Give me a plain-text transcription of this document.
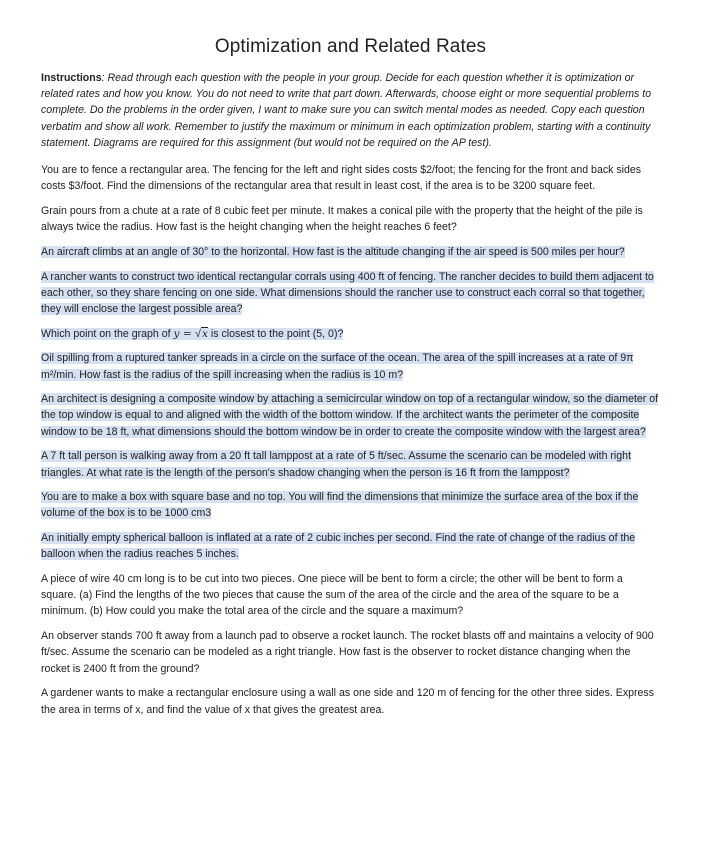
Optimization and Related Rates

Instructions: Read through each question with the people in your group. Decide for each question whether it is optimization or related rates and how you know. You do not need to write that part down. Afterwards, choose eight or more sequential problems to complete. Do the problems in the order given, I want to make sure you can switch mental modes as needed. Copy each question verbatim and show all work. Remember to justify the maximum or minimum in each optimization problem, starting with a continuity statement. Diagrams are required for this assignment (but would not be required on the AP test).

You are to fence a rectangular area. The fencing for the left and right sides costs $2/foot; the fencing for the front and back sides costs $3/foot. Find the dimensions of the rectangular area that result in least cost, if the area is to be 3200 square feet.

Grain pours from a chute at a rate of 8 cubic feet per minute. It makes a conical pile with the property that the height of the pile is always twice the radius. How fast is the height changing when the height reaches 6 feet?

An aircraft climbs at an angle of 30° to the horizontal. How fast is the altitude changing if the air speed is 500 miles per hour?

A rancher wants to construct two identical rectangular corrals using 400 ft of fencing. The rancher decides to build them adjacent to each other, so they share fencing on one side. What dimensions should the rancher use to construct each corral so that together, they will enclose the largest possible area?

Which point on the graph of y = √x is closest to the point (5, 0)?

Oil spilling from a ruptured tanker spreads in a circle on the surface of the ocean. The area of the spill increases at a rate of 9π m²/min. How fast is the radius of the spill increasing when the radius is 10 m?

An architect is designing a composite window by attaching a semicircular window on top of a rectangular window, so the diameter of the top window is equal to and aligned with the width of the bottom window. If the architect wants the perimeter of the composite window to be 18 ft, what dimensions should the bottom window be in order to create the composite window with the largest area?

A 7 ft tall person is walking away from a 20 ft tall lamppost at a rate of 5 ft/sec. Assume the scenario can be modeled with right triangles. At what rate is the length of the person's shadow changing when the person is 16 ft from the lamppost?

You are to make a box with square base and no top. You will find the dimensions that minimize the surface area of the box if the volume of the box is to be 1000 cm3

An initially empty spherical balloon is inflated at a rate of 2 cubic inches per second. Find the rate of change of the radius of the balloon when the radius reaches 5 inches.

A piece of wire 40 cm long is to be cut into two pieces. One piece will be bent to form a circle; the other will be bent to form a square. (a) Find the lengths of the two pieces that cause the sum of the area of the circle and the area of the square to be a minimum. (b) How could you make the total area of the circle and the square a maximum?

An observer stands 700 ft away from a launch pad to observe a rocket launch. The rocket blasts off and maintains a velocity of 900 ft/sec. Assume the scenario can be modeled as a right triangle. How fast is the observer to rocket distance changing when the rocket is 2400 ft from the ground?

A gardener wants to make a rectangular enclosure using a wall as one side and 120 m of fencing for the other three sides. Express the area in terms of x, and find the value of x that gives the greatest area.
